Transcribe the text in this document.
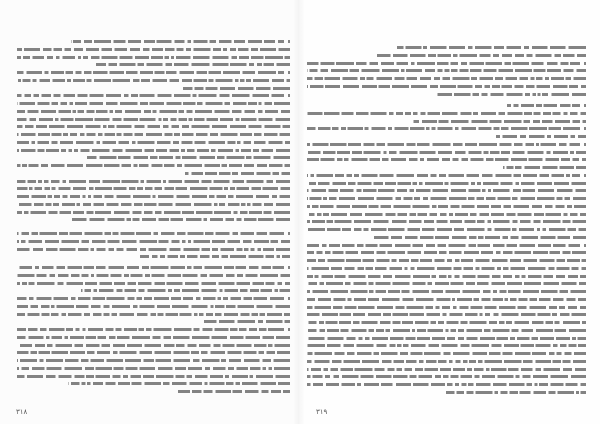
۳۱۸	۳۱۹
